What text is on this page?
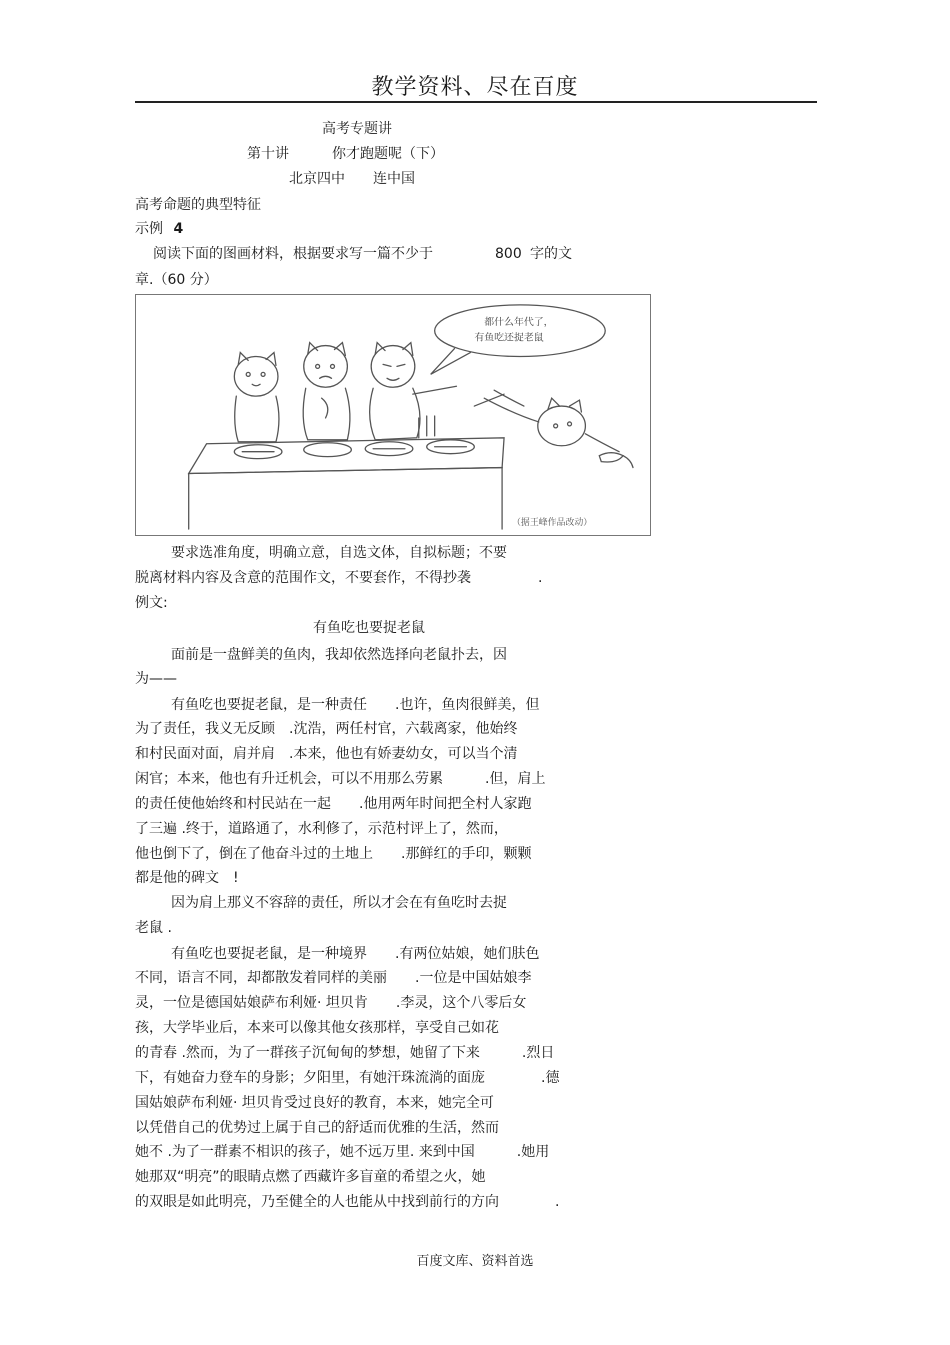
教学资料、尽在百度
高考专题讲
第十讲	你才跑题呢（下）
北京四中 连中国
高考命题的典型特征
示例 4
阅读下面的图画材料，根据要求写一篇不少于	800 字的文
章.（60 分）
都什么年代了，
有鱼吃还捉老鼠
（据王峰作品改动）
要求选准角度，明确立意，自选文体，自拟标题；不要
脱离材料内容及含意的范围作文，不要套作，不得抄袭	.
例文:
有鱼吃也要捉老鼠
面前是一盘鲜美的鱼肉，我却依然选择向老鼠扑去，因
为——
有鱼吃也要捉老鼠，是一种责任　　.也许，鱼肉很鲜美，但
为了责任，我义无反顾　.沈浩，两任村官，六载离家，他始终
和村民面对面，肩并肩　.本来，他也有娇妻幼女，可以当个清
闲官；本来，他也有升迁机会，可以不用那么劳累　　　.但，肩上
的责任使他始终和村民站在一起　　.他用两年时间把全村人家跑
了三遍 .终于，道路通了，水利修了，示范村评上了，然而，
他也倒下了，倒在了他奋斗过的土地上　　.那鲜红的手印，颗颗
都是他的碑文　!
因为肩上那义不容辞的责任，所以才会在有鱼吃时去捉
老鼠 .
有鱼吃也要捉老鼠，是一种境界　　.有两位姑娘，她们肤色
不同，语言不同，却都散发着同样的美丽　　.一位是中国姑娘李
灵，一位是德国姑娘萨布利娅· 坦贝肯　　.李灵，这个八零后女
孩，大学毕业后，本来可以像其他女孩那样，享受自己如花
的青春 .然而，为了一群孩子沉甸甸的梦想，她留了下来　　　.烈日
下，有她奋力登车的身影；夕阳里，有她汗珠流淌的面庞　　　　.德
国姑娘萨布利娅· 坦贝肯受过良好的教育，本来，她完全可
以凭借自己的优势过上属于自己的舒适而优雅的生活，然而
她不 .为了一群素不相识的孩子，她不远万里. 来到中国　　　.她用
她那双“明亮”的眼睛点燃了西藏许多盲童的希望之火，她
的双眼是如此明亮，乃至健全的人也能从中找到前行的方向　　　　.
百度文库、资料首选
